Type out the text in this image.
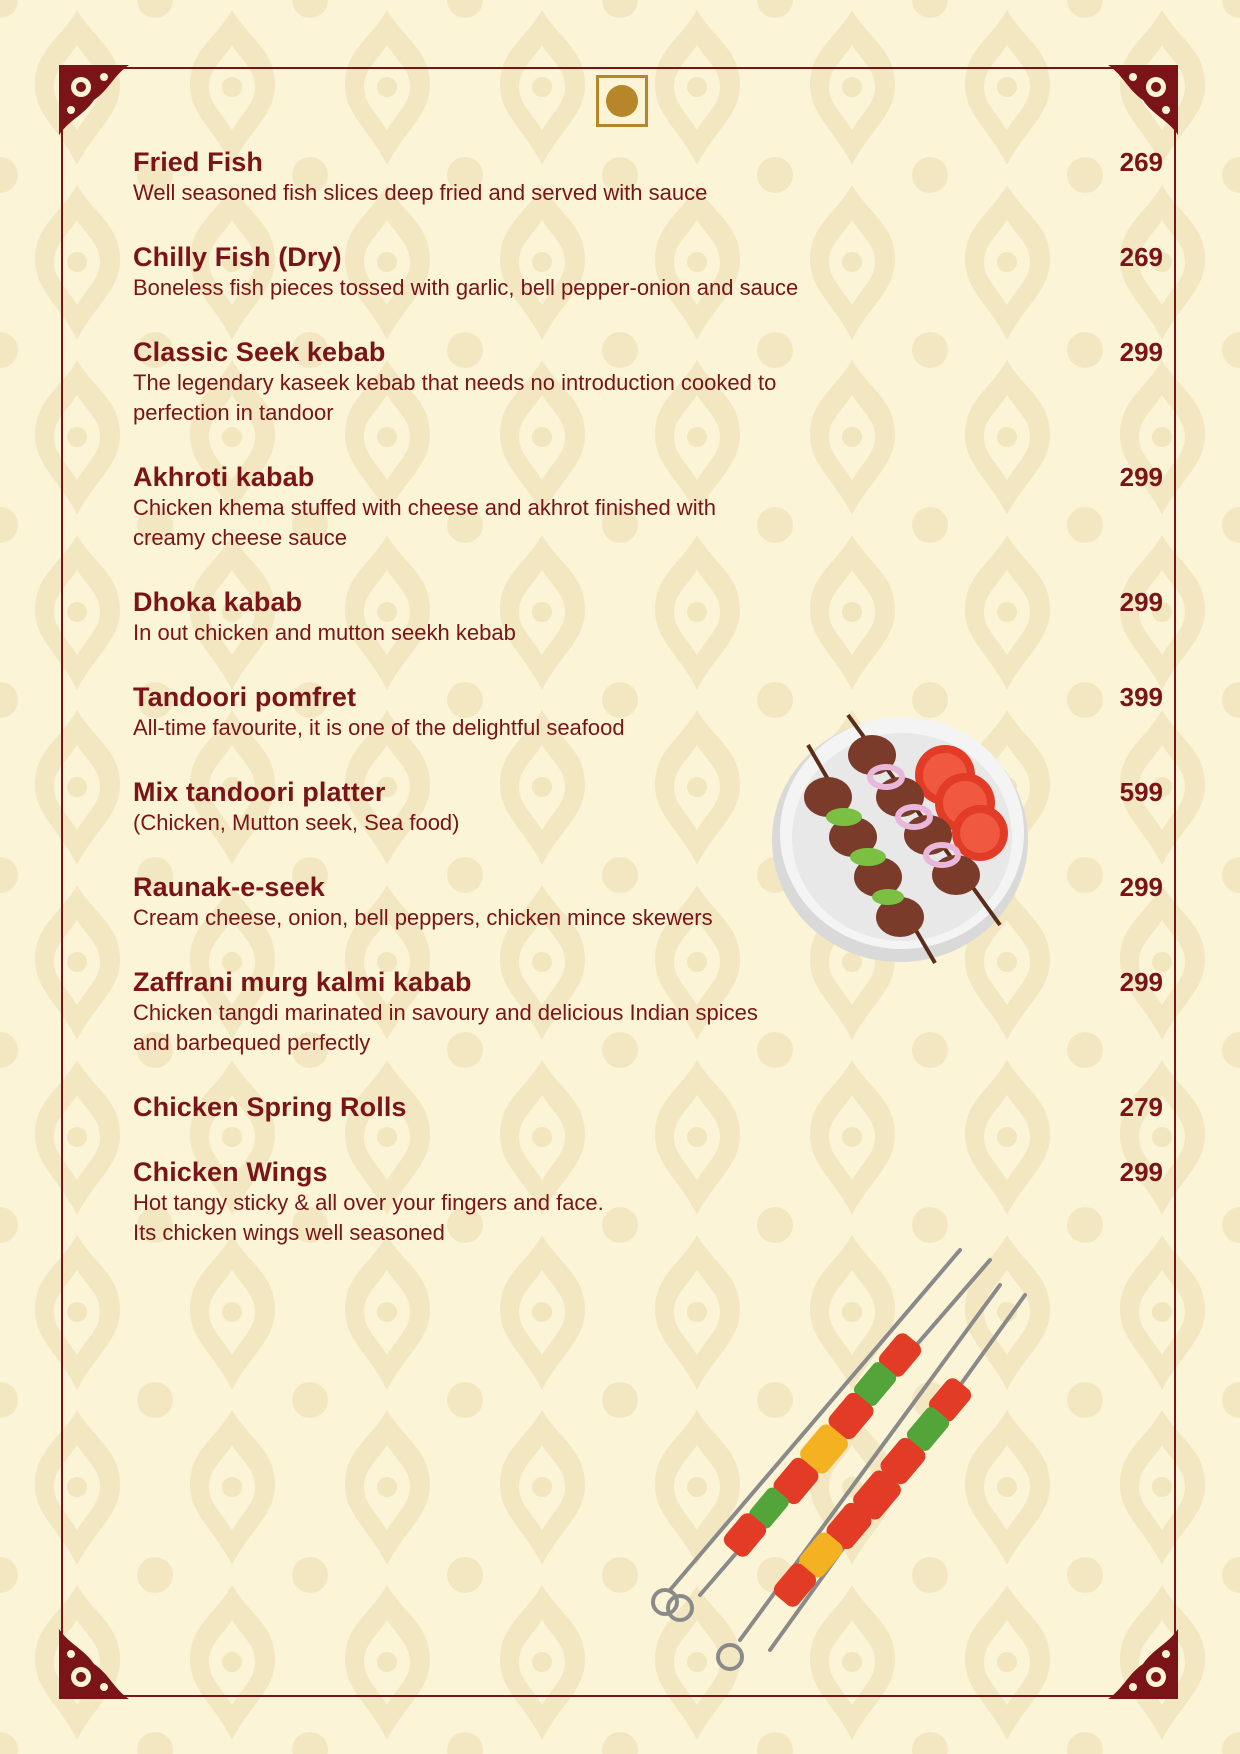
Fried Fish
Well seasoned fish slices deep fried and served with sauce
269
Chilly Fish (Dry)
Boneless fish pieces tossed with garlic, bell pepper-onion and sauce
269
Classic Seek kebab
The legendary kaseek kebab that needs no introduction cooked to
perfection in tandoor
299
Akhroti kabab
Chicken khema stuffed with cheese and akhrot finished with
creamy cheese sauce
299
Dhoka kabab
In out chicken and mutton seekh kebab
299
Tandoori pomfret
All-time favourite, it is one of the delightful seafood
399
Mix tandoori platter
(Chicken, Mutton seek, Sea food)
599
Raunak-e-seek
Cream cheese, onion, bell peppers, chicken mince skewers
299
Zaffrani murg kalmi kabab
Chicken tangdi marinated in savoury and delicious Indian spices
and barbequed perfectly
299
Chicken Spring Rolls	279
Chicken Wings
Hot tangy sticky & all over your fingers and face.
Its chicken wings well seasoned
299
